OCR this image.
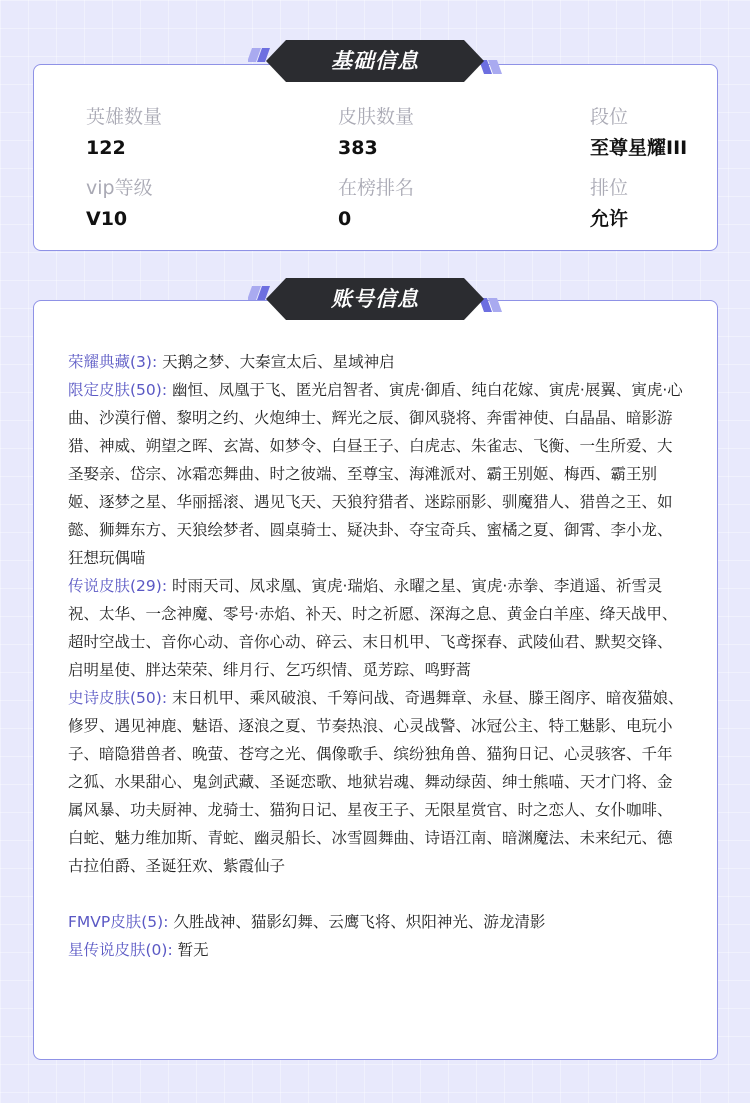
基础信息
英雄数量
122
皮肤数量
383
段位
至尊星耀III
vip等级
V10
在榜排名
0
排位
允许
账号信息
荣耀典藏(3): 天鹅之梦、大秦宣太后、星域神启
限定皮肤(50): 幽恒、凤凰于飞、匿光启智者、寅虎·御盾、纯白花嫁、寅虎·展翼、寅虎·心曲、沙漠行僧、黎明之约、火炮绅士、辉光之辰、御风骁将、奔雷神使、白晶晶、暗影游猎、神威、朔望之晖、玄嵩、如梦令、白昼王子、白虎志、朱雀志、飞衡、一生所爱、大圣娶亲、岱宗、冰霜恋舞曲、时之彼端、至尊宝、海滩派对、霸王别姬、梅西、霸王别姬、逐梦之星、华丽摇滚、遇见飞天、天狼狩猎者、迷踪丽影、驯魔猎人、猎兽之王、如懿、狮舞东方、天狼绘梦者、圆桌骑士、疑决卦、夺宝奇兵、蜜橘之夏、御霄、李小龙、狂想玩偶喵
传说皮肤(29): 时雨天司、凤求凰、寅虎·瑞焰、永曜之星、寅虎·赤拳、李逍遥、祈雪灵祝、太华、一念神魔、零号·赤焰、补天、时之祈愿、深海之息、黄金白羊座、绛天战甲、超时空战士、音你心动、音你心动、碎云、末日机甲、飞鸢探春、武陵仙君、默契交锋、启明星使、胖达荣荣、绯月行、乞巧织情、觅芳踪、鸣野蒿
史诗皮肤(50): 末日机甲、乘风破浪、千筹问战、奇遇舞章、永昼、滕王阁序、暗夜猫娘、修罗、遇见神鹿、魅语、逐浪之夏、节奏热浪、心灵战警、冰冠公主、特工魅影、电玩小子、暗隐猎兽者、晚萤、苍穹之光、偶像歌手、缤纷独角兽、猫狗日记、心灵骇客、千年之狐、水果甜心、鬼剑武藏、圣诞恋歌、地狱岩魂、舞动绿茵、绅士熊喵、天才门将、金属风暴、功夫厨神、龙骑士、猫狗日记、星夜王子、无限星赏官、时之恋人、女仆咖啡、白蛇、魅力维加斯、青蛇、幽灵船长、冰雪圆舞曲、诗语江南、暗渊魔法、未来纪元、德古拉伯爵、圣诞狂欢、紫霞仙子
FMVP皮肤(5): 久胜战神、猫影幻舞、云鹰飞将、炽阳神光、游龙清影
星传说皮肤(0): 暂无
